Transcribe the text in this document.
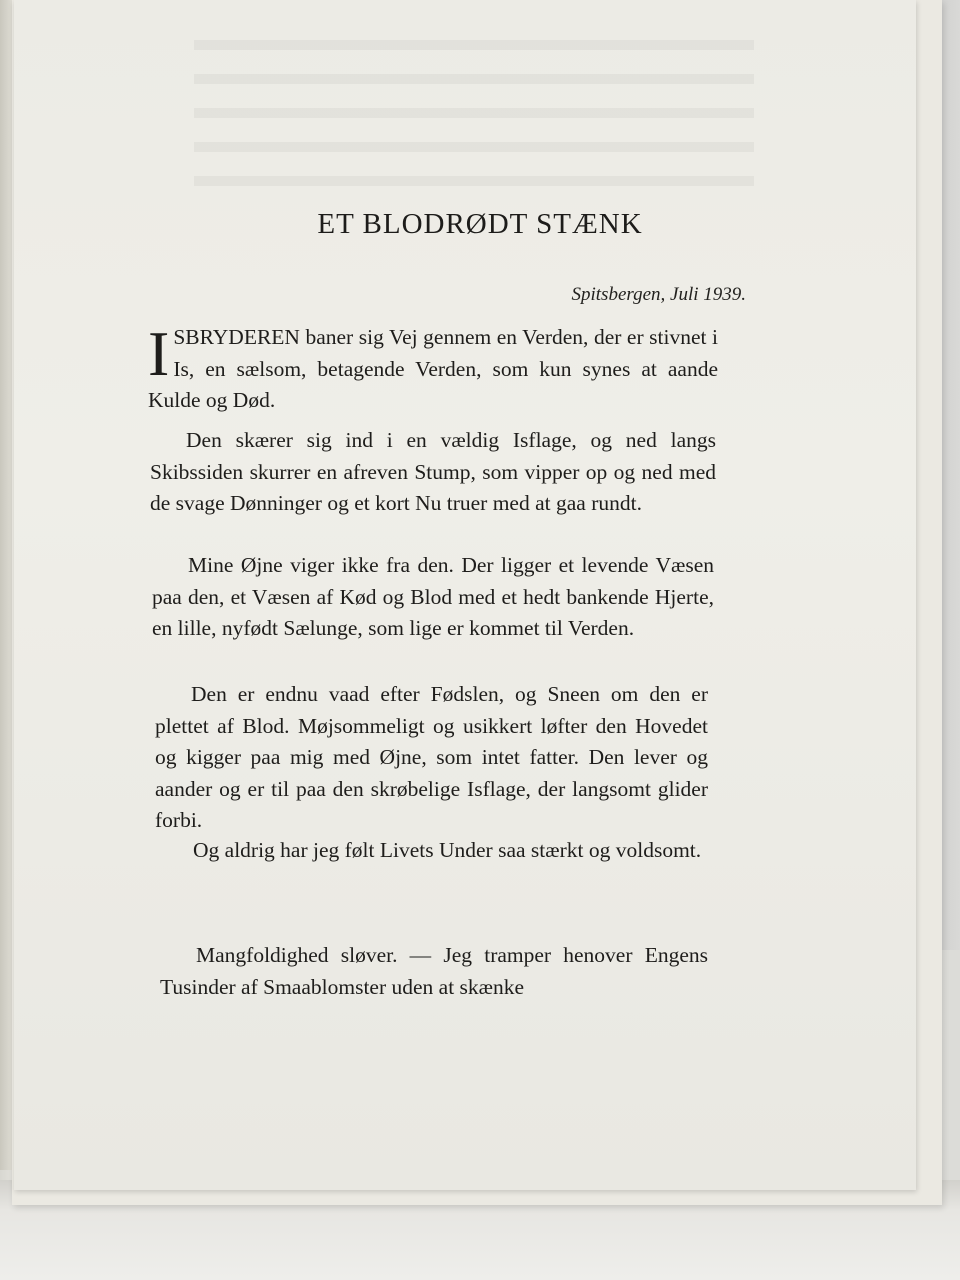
ET BLODRØDT STÆNK
Spitsbergen, Juli 1939.
I SBRYDEREN baner sig Vej gennem en Verden, der er stivnet i Is, en sælsom, betagende Verden, som kun synes at aande Kulde og Død.

Den skærer sig ind i en vældig Isflage, og ned langs Skibssiden skurrer en afreven Stump, som vipper op og ned med de svage Dønninger og et kort Nu truer med at gaa rundt.

Mine Øjne viger ikke fra den. Der ligger et levende Væsen paa den, et Væsen af Kød og Blod med et hedt bankende Hjerte, en lille, nyfødt Sælunge, som lige er kommet til Verden.

Den er endnu vaad efter Fødslen, og Sneen om den er plettet af Blod. Møjsommeligt og usikkert løfter den Hovedet og kigger paa mig med Øjne, som intet fatter. Den lever og aander og er til paa den skrøbelige Isflage, der langsomt glider forbi.

Og aldrig har jeg følt Livets Under saa stærkt og voldsomt.

Mangfoldighed sløver. — Jeg tramper henover Engens Tusinder af Smaablomster uden at skænke
